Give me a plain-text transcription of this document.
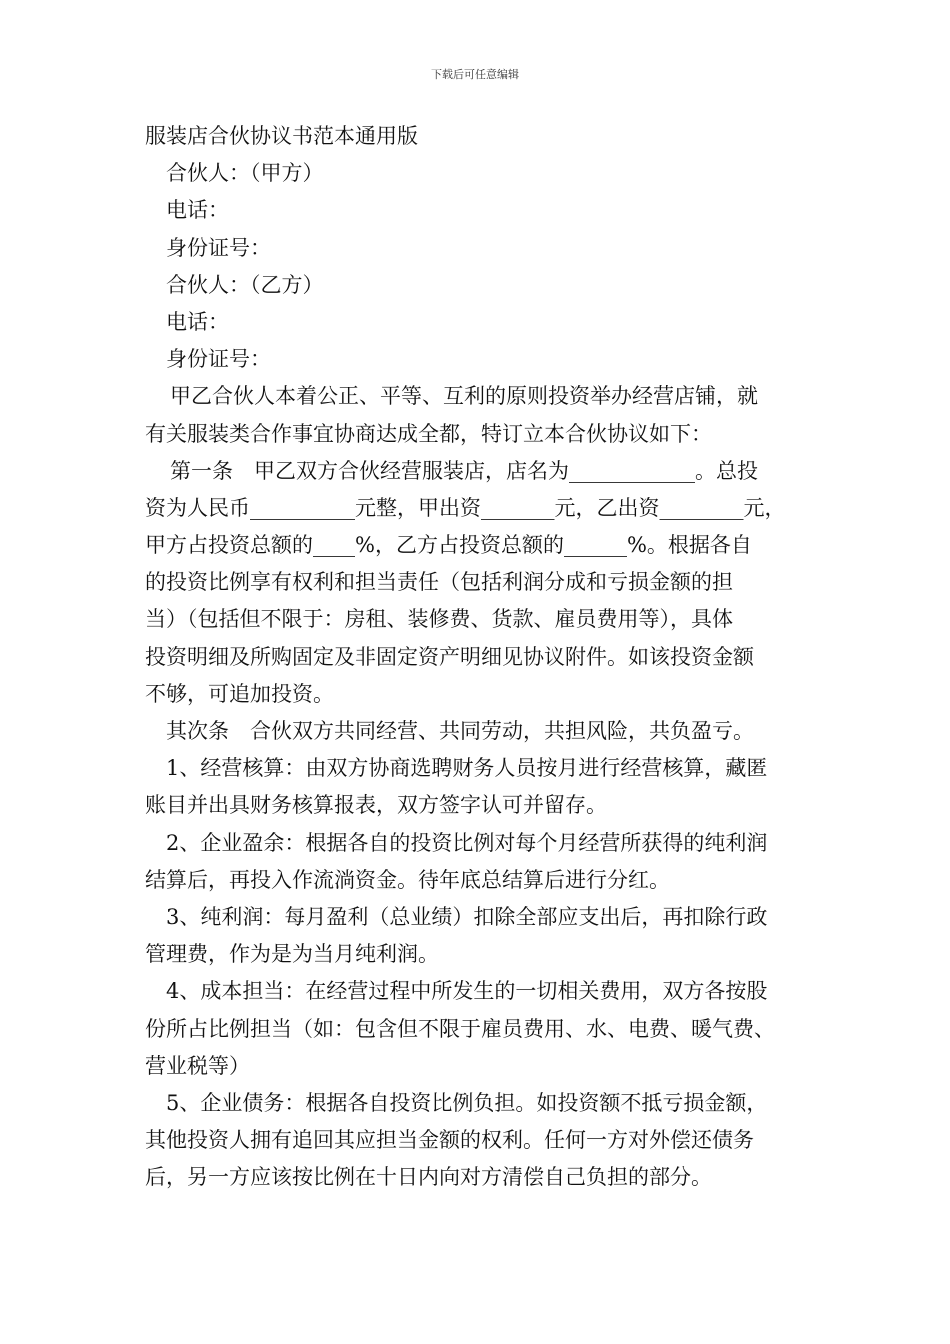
下载后可任意编辑
服装店合伙协议书范本通用版
合伙人：（甲方）
电话：
身份证号：
合伙人：（乙方）
电话：
身份证号：
甲乙合伙人本着公正、平等、互利的原则投资举办经营店铺，就
有关服装类合作事宜协商达成全都，特订立本合伙协议如下：
第一条　甲乙双方合伙经营服装店，店名为____________。总投
资为人民币__________元整，甲出资_______元，乙出资________元，
甲方占投资总额的____%，乙方占投资总额的______%。根据各自
的投资比例享有权利和担当责任（包括利润分成和亏损金额的担
当）（包括但不限于：房租、装修费、货款、雇员费用等），具体
投资明细及所购固定及非固定资产明细见协议附件。如该投资金额
不够，可追加投资。
其次条　合伙双方共同经营、共同劳动，共担风险，共负盈亏。
1、经营核算：由双方协商选聘财务人员按月进行经营核算，藏匿
账目并出具财务核算报表，双方签字认可并留存。
2、企业盈余：根据各自的投资比例对每个月经营所获得的纯利润
结算后，再投入作流淌资金。待年底总结算后进行分红。
3、纯利润：每月盈利（总业绩）扣除全部应支出后，再扣除行政
管理费，作为是为当月纯利润。
4、成本担当：在经营过程中所发生的一切相关费用，双方各按股
份所占比例担当（如：包含但不限于雇员费用、水、电费、暖气费、
营业税等）
5、企业债务：根据各自投资比例负担。如投资额不抵亏损金额，
其他投资人拥有追回其应担当金额的权利。任何一方对外偿还债务
后，另一方应该按比例在十日内向对方清偿自己负担的部分。
